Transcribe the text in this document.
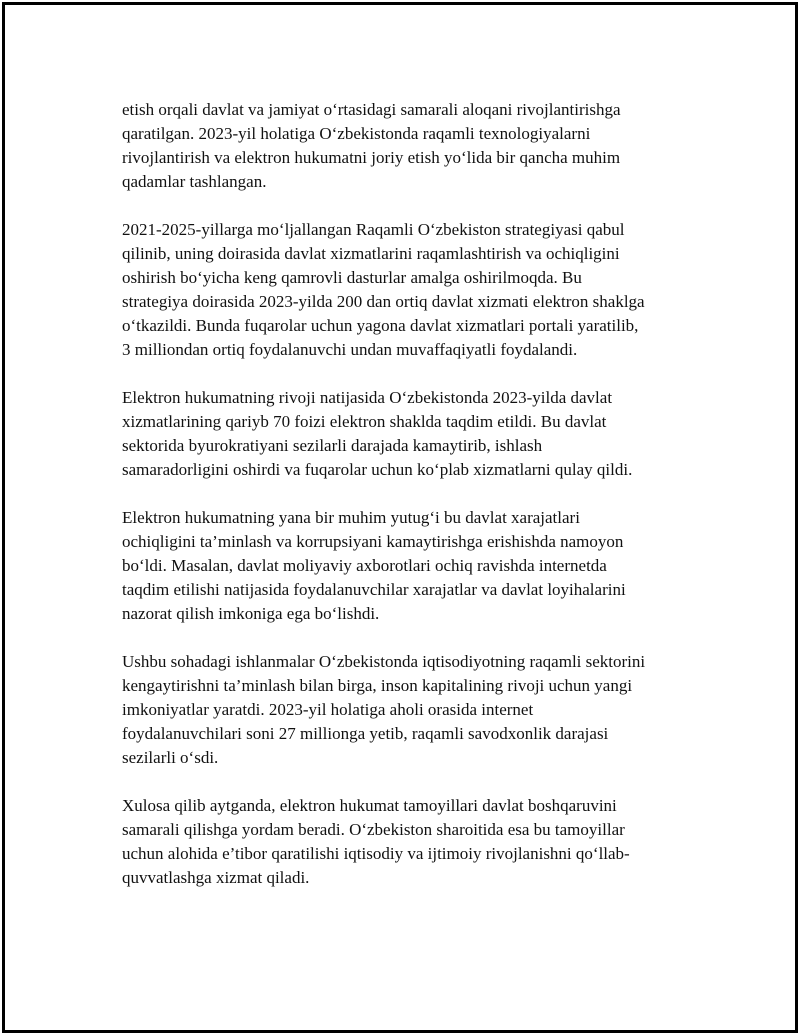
etish orqali davlat va jamiyat o‘rtasidagi samarali aloqani rivojlantirishga
qaratilgan. 2023-yil holatiga O‘zbekistonda raqamli texnologiyalarni
rivojlantirish va elektron hukumatni joriy etish yo‘lida bir qancha muhim
qadamlar tashlangan.

2021-2025-yillarga mo‘ljallangan Raqamli O‘zbekiston strategiyasi qabul
qilinib, uning doirasida davlat xizmatlarini raqamlashtirish va ochiqligini
oshirish bo‘yicha keng qamrovli dasturlar amalga oshirilmoqda. Bu
strategiya doirasida 2023-yilda 200 dan ortiq davlat xizmati elektron shaklga
o‘tkazildi. Bunda fuqarolar uchun yagona davlat xizmatlari portali yaratilib,
3 milliondan ortiq foydalanuvchi undan muvaffaqiyatli foydalandi.

Elektron hukumatning rivoji natijasida O‘zbekistonda 2023-yilda davlat
xizmatlarining qariyb 70 foizi elektron shaklda taqdim etildi. Bu davlat
sektorida byurokratiyani sezilarli darajada kamaytirib, ishlash
samaradorligini oshirdi va fuqarolar uchun ko‘plab xizmatlarni qulay qildi.

Elektron hukumatning yana bir muhim yutug‘i bu davlat xarajatlari
ochiqligini ta’minlash va korrupsiyani kamaytirishga erishishda namoyon
bo‘ldi. Masalan, davlat moliyaviy axborotlari ochiq ravishda internetda
taqdim etilishi natijasida foydalanuvchilar xarajatlar va davlat loyihalarini
nazorat qilish imkoniga ega bo‘lishdi.

Ushbu sohadagi ishlanmalar O‘zbekistonda iqtisodiyotning raqamli sektorini
kengaytirishni ta’minlash bilan birga, inson kapitalining rivoji uchun yangi
imkoniyatlar yaratdi. 2023-yil holatiga aholi orasida internet
foydalanuvchilari soni 27 millionga yetib, raqamli savodxonlik darajasi
sezilarli o‘sdi.

Xulosa qilib aytganda, elektron hukumat tamoyillari davlat boshqaruvini
samarali qilishga yordam beradi. O‘zbekiston sharoitida esa bu tamoyillar
uchun alohida e’tibor qaratilishi iqtisodiy va ijtimoiy rivojlanishni qo‘llab-
quvvatlashga xizmat qiladi.
